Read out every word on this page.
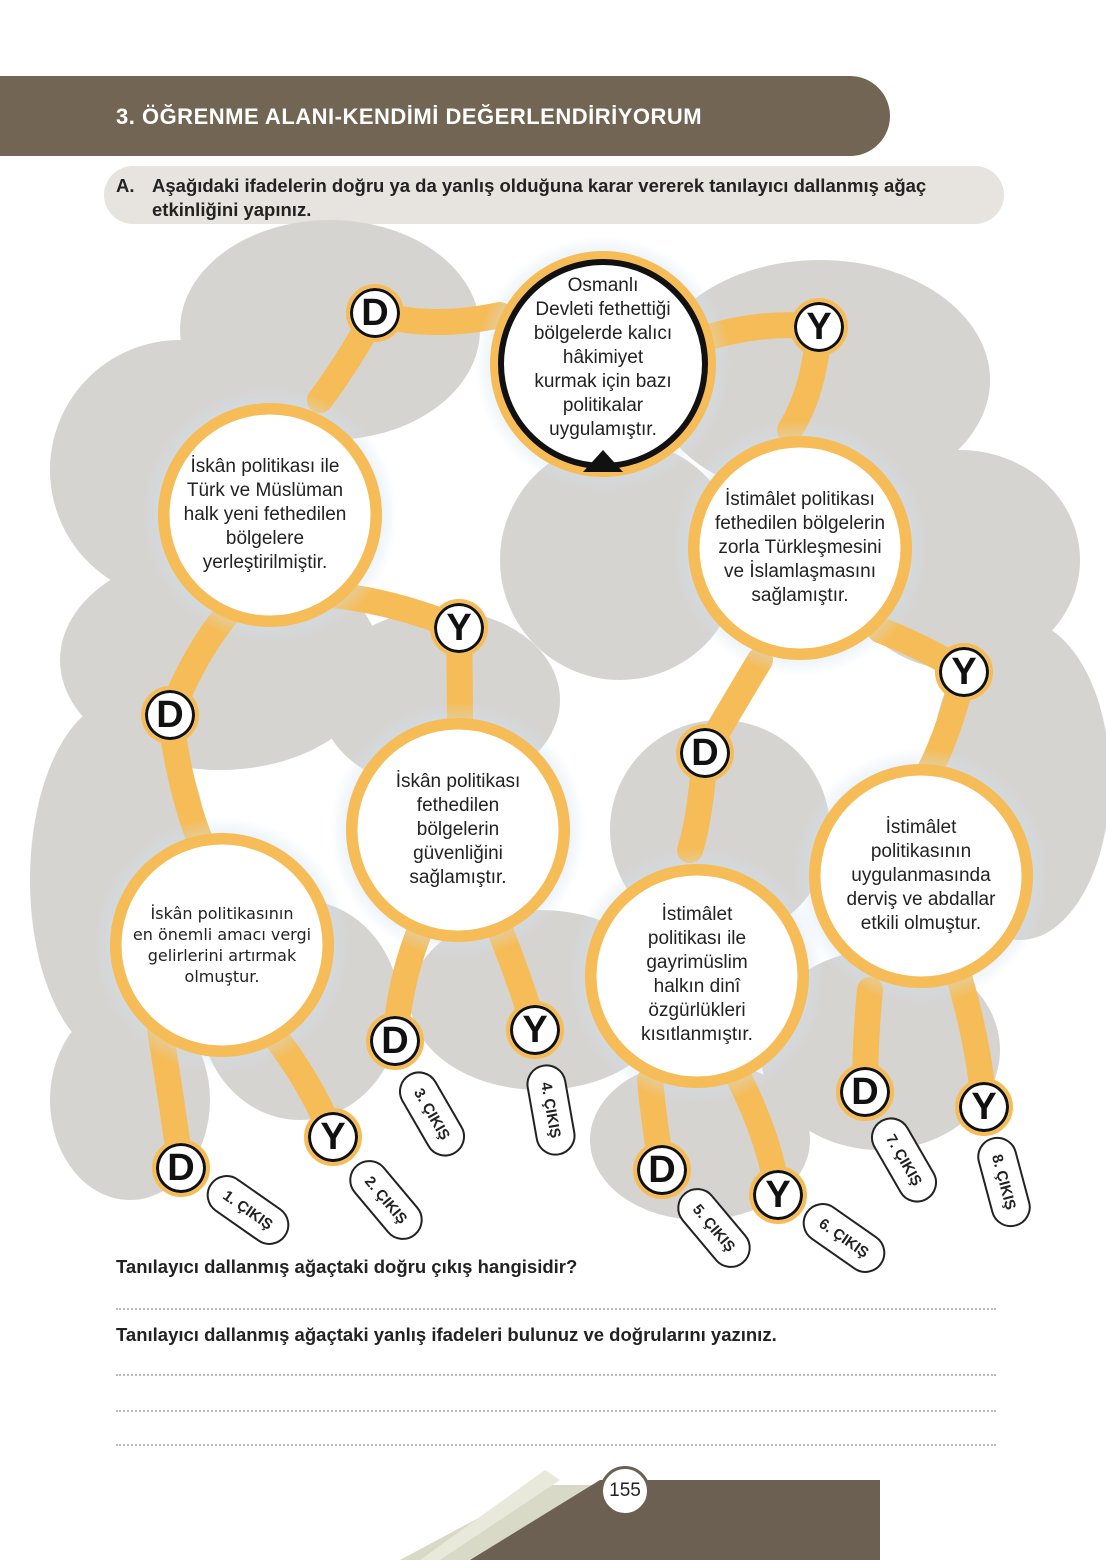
3. ÖĞRENME ALANI-KENDİMİ DEĞERLENDİRİYORUM
A. Aşağıdaki ifadelerin doğru ya da yanlış olduğuna karar vererek tanılayıcı dallanmış ağaç
etkinliğini yapınız.
Osmanlı
Devleti fethettiği
bölgelerde kalıcı
hâkimiyet
kurmak için bazı
politikalar
uygulamıştır.
İskân politikası ile
Türk ve Müslüman
halk yeni fethedilen
bölgelere
yerleştirilmiştir.
İstimâlet politikası
fethedilen bölgelerin
zorla Türkleşmesini
ve İslamlaşmasını
sağlamıştır.
İskân politikasının
en önemli amacı vergi
gelirlerini artırmak
olmuştur.
İskân politikası
fethedilen
bölgelerin
güvenliğini
sağlamıştır.
İstimâlet
politikası ile
gayrimüslim
halkın dinî
özgürlükleri
kısıtlanmıştır.
İstimâlet
politikasının
uygulanmasında
derviş ve abdallar
etkili olmuştur.
D	Y
Y
D
Y
D
D	Y
D
Y
D
Y
D	Y
1. ÇIKIŞ	2. ÇIKIŞ
3. ÇIKIŞ	4. ÇIKIŞ
5. ÇIKIŞ	6. ÇIKIŞ
7. ÇIKIŞ	8. ÇIKIŞ
Tanılayıcı dallanmış ağaçtaki doğru çıkış hangisidir?
Tanılayıcı dallanmış ağaçtaki yanlış ifadeleri bulunuz ve doğrularını yazınız.
155
